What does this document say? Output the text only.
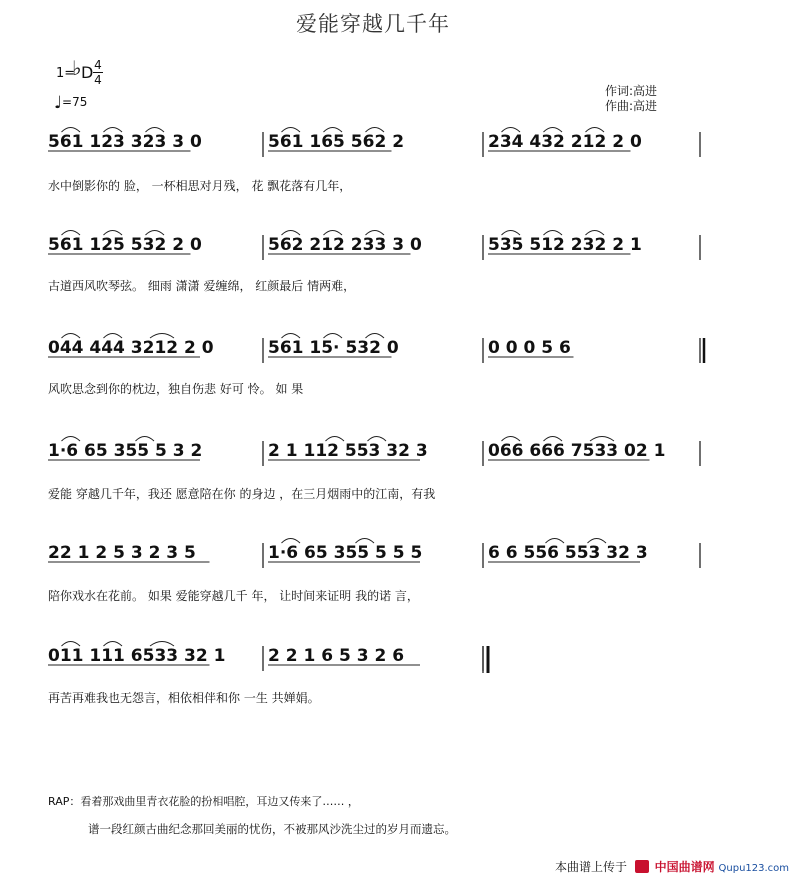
爱能穿越几千年
1=
♭ D 4
4
♩=75
作词:高进
作曲:高进
561 123 323 3 0	561 165 562 2	234 432 212 2 0
561 125 532 2 0	562 212 233 3 0	535 512 232 2 1
044 444 3212 2 0	561 15· 532 0	0 0 0 5 6
1·6 65 355 5 3 2	2 1 112 553 32 3	066 666 7533 02 1
22 1 2 5 3 2 3 5	1·6 65 355 5 5 5	6 6 556 553 32 3
011 111 6533 32 1	2 2 1 6 5 3 2 6
水中倒影你的 脸， 一杯相思对月残， 花 飘花落有几年，
古道西风吹琴弦。 细雨 潇潇 爱缠绵， 红颜最后 情两难，
风吹思念到你的枕边，独自伤悲 好可 怜。 如 果
爱能 穿越几千年，我还 愿意陪在你 的身边 ，在三月烟雨中的江南，有我
陪你戏水在花前。 如果 爱能穿越几千 年， 让时间来证明 我的诺 言，
再苦再难我也无怨言，相依相伴和你 一生 共婵娟。
RAP：看着那戏曲里青衣花脸的扮相唱腔，耳边又传来了…… ，
谱一段红颜古曲纪念那回美丽的忧伤，不被那风沙洗尘过的岁月而遗忘。
本曲谱上传于 中国曲谱网 Qupu123.com
